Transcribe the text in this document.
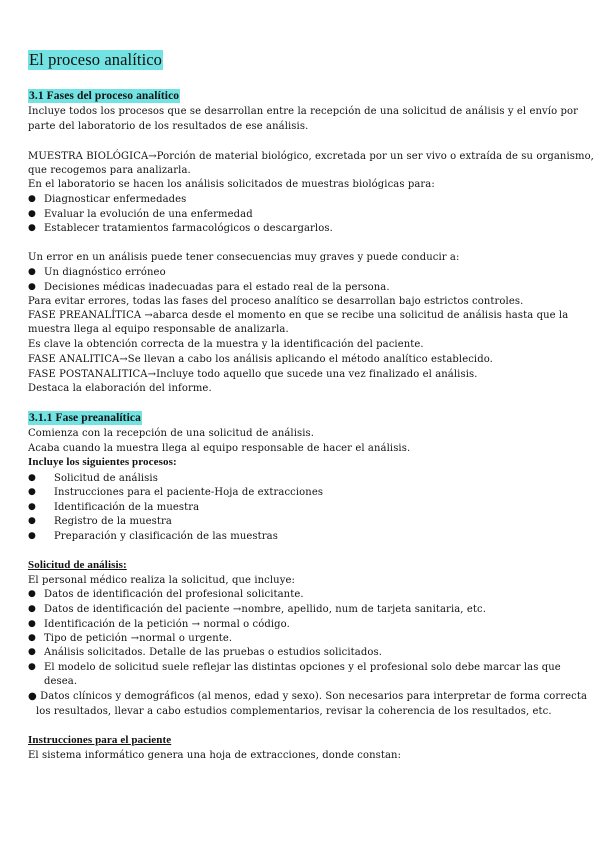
El proceso analítico
3.1 Fases del proceso analítico
Incluye todos los procesos que se desarrollan entre la recepción de una solicitud de análisis y el envío por
parte del laboratorio de los resultados de ese análisis.
MUESTRA BIOLÓGICA→Porción de material biológico, excretada por un ser vivo o extraída de su organismo,
que recogemos para analizarla.
En el laboratorio se hacen los análisis solicitados de muestras biológicas para:
● Diagnosticar enfermedades
● Evaluar la evolución de una enfermedad
● Establecer tratamientos farmacológicos o descargarlos.
Un error en un análisis puede tener consecuencias muy graves y puede conducir a:
● Un diagnóstico erróneo
● Decisiones médicas inadecuadas para el estado real de la persona.
Para evitar errores, todas las fases del proceso analítico se desarrollan bajo estrictos controles.
FASE PREANALÍTICA →abarca desde el momento en que se recibe una solicitud de análisis hasta que la
muestra llega al equipo responsable de analizarla.
Es clave la obtención correcta de la muestra y la identificación del paciente.
FASE ANALITICA→Se llevan a cabo los análisis aplicando el método analítico establecido.
FASE POSTANALITICA→Incluye todo aquello que sucede una vez finalizado el análisis.
Destaca la elaboración del informe.
3.1.1 Fase preanalítica
Comienza con la recepción de una solicitud de análisis.
Acaba cuando la muestra llega al equipo responsable de hacer el análisis.
Incluye los siguientes procesos:
● Solicitud de análisis
● Instrucciones para el paciente-Hoja de extracciones
● Identificación de la muestra
● Registro de la muestra
● Preparación y clasificación de las muestras
Solicitud de análisis:
El personal médico realiza la solicitud, que incluye:
● Datos de identificación del profesional solicitante.
● Datos de identificación del paciente →nombre, apellido, num de tarjeta sanitaria, etc.
● Identificación de la petición → normal o código.
● Tipo de petición →normal o urgente.
● Análisis solicitados. Detalle de las pruebas o estudios solicitados.
● El modelo de solicitud suele reflejar las distintas opciones y el profesional solo debe marcar las que
desea.
● Datos clínicos y demográficos (al menos, edad y sexo). Son necesarios para interpretar de forma correcta
los resultados, llevar a cabo estudios complementarios, revisar la coherencia de los resultados, etc.
Instrucciones para el paciente
El sistema informático genera una hoja de extracciones, donde constan:
